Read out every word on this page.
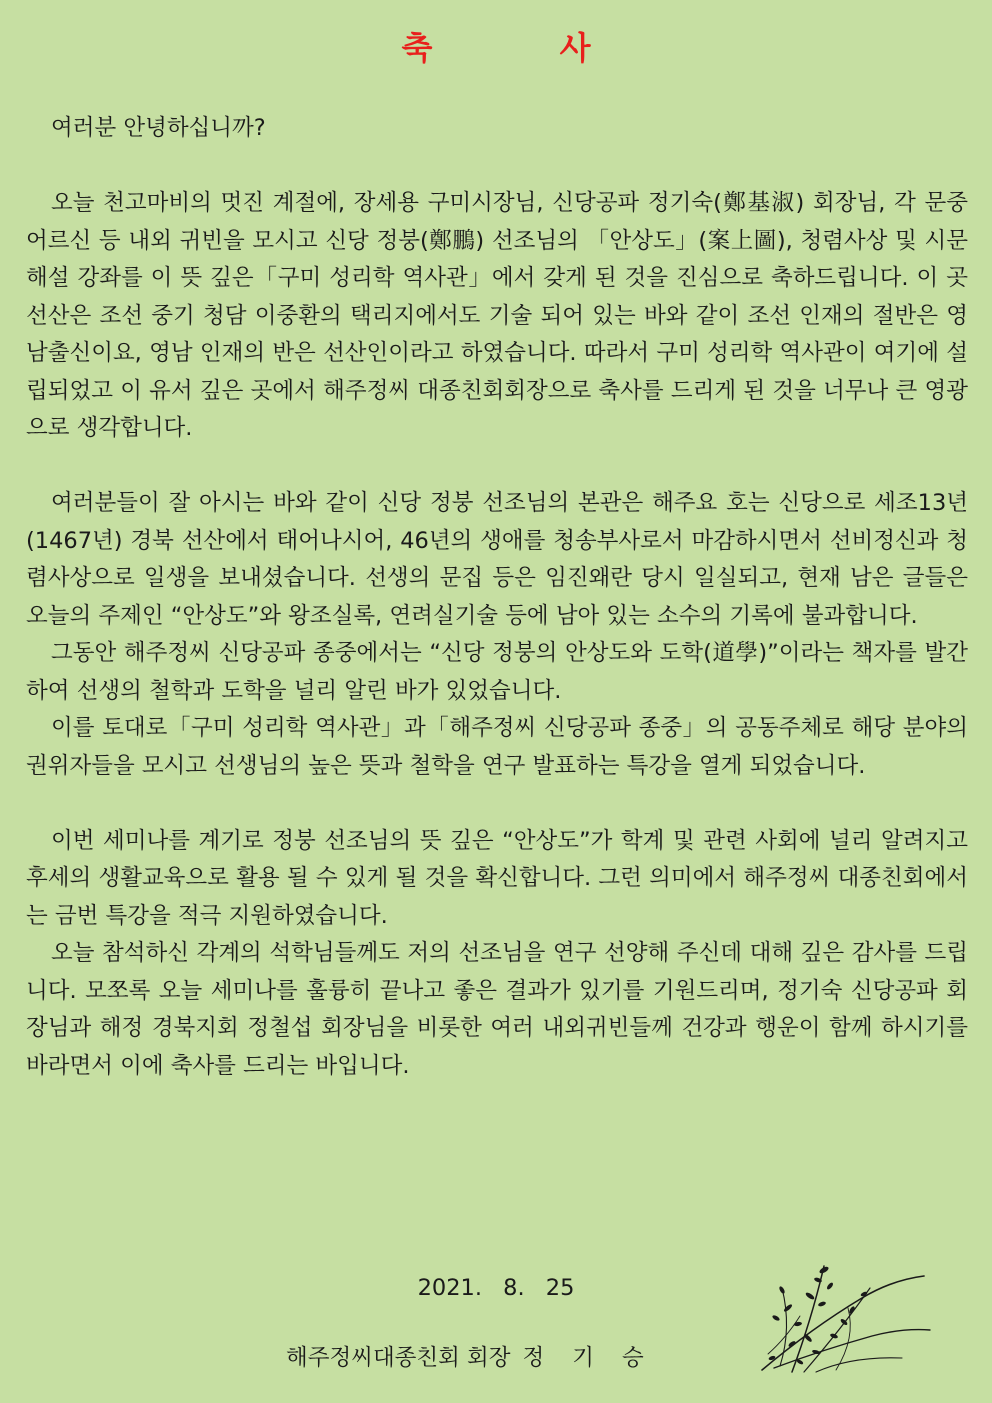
축 사

여러분 안녕하십니까?

오늘 천고마비의 멋진 계절에, 장세용 구미시장님, 신당공파 정기숙(鄭基淑) 회장님, 각 문중어르신 등 내외 귀빈을 모시고 신당 정붕(鄭鵬) 선조님의 「안상도」(案上圖), 청렴사상 및 시문 해설 강좌를 이 뜻 깊은「구미 성리학 역사관」에서 갖게 된 것을 진심으로 축하드립니다. 이 곳 선산은 조선 중기 청담 이중환의 택리지에서도 기술 되어 있는 바와 같이 조선 인재의 절반은 영남출신이요, 영남 인재의 반은 선산인이라고 하였습니다. 따라서 구미 성리학 역사관이 여기에 설립되었고 이 유서 깊은 곳에서 해주정씨 대종친회회장으로 축사를 드리게 된 것을 너무나 큰 영광으로 생각합니다.

여러분들이 잘 아시는 바와 같이 신당 정붕 선조님의 본관은 해주요 호는 신당으로 세조13년(1467년) 경북 선산에서 태어나시어, 46년의 생애를 청송부사로서 마감하시면서 선비정신과 청렴사상으로 일생을 보내셨습니다. 선생의 문집 등은 임진왜란 당시 일실되고, 현재 남은 글들은 오늘의 주제인 “안상도”와 왕조실록, 연려실기술 등에 남아 있는 소수의 기록에 불과합니다.

그동안 해주정씨 신당공파 종중에서는 “신당 정붕의 안상도와 도학(道學)”이라는 책자를 발간하여 선생의 철학과 도학을 널리 알린 바가 있었습니다.

이를 토대로「구미 성리학 역사관」과「해주정씨 신당공파 종중」의 공동주체로 해당 분야의 권위자들을 모시고 선생님의 높은 뜻과 철학을 연구 발표하는 특강을 열게 되었습니다.

이번 세미나를 계기로 정붕 선조님의 뜻 깊은 “안상도”가 학계 및 관련 사회에 널리 알려지고 후세의 생활교육으로 활용 될 수 있게 될 것을 확신합니다. 그런 의미에서 해주정씨 대종친회에서는 금번 특강을 적극 지원하였습니다.

오늘 참석하신 각계의 석학님들께도 저의 선조님을 연구 선양해 주신데 대해 깊은 감사를 드립니다. 모쪼록 오늘 세미나를 훌륭히 끝나고 좋은 결과가 있기를 기원드리며, 정기숙 신당공파 회장님과 해정 경북지회 정철섭 회장님을 비롯한 여러 내외귀빈들께 건강과 행운이 함께 하시기를 바라면서 이에 축사를 드리는 바입니다.

2021. 8. 25
해주정씨대종친회 회장 정기승
